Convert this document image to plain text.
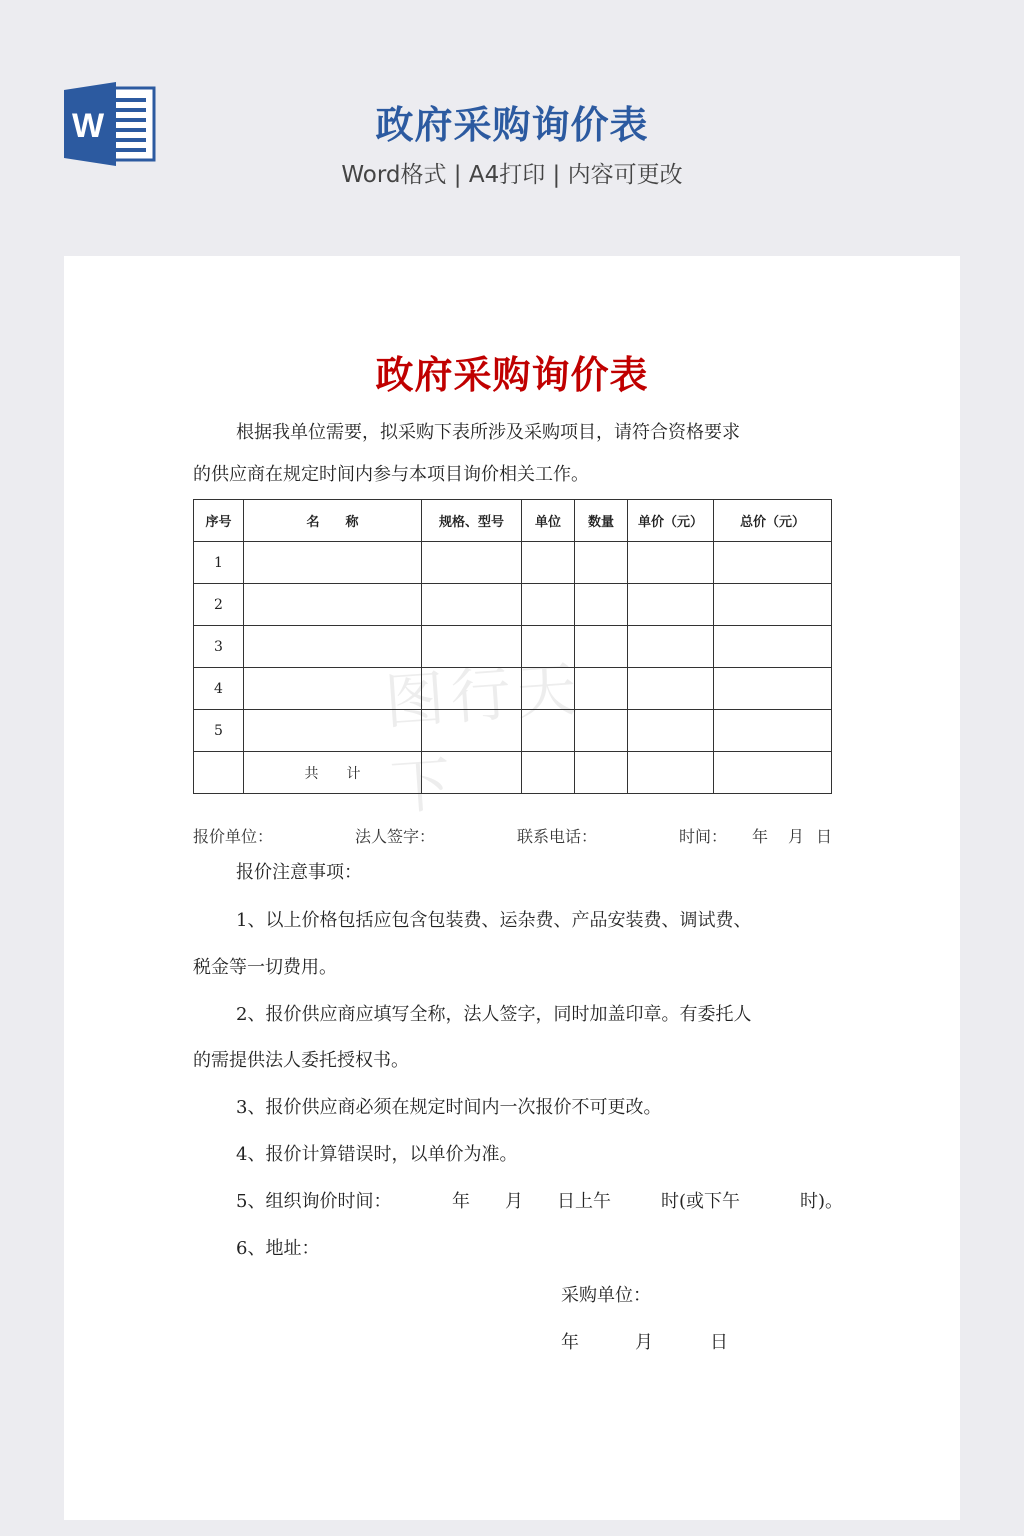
W	政府采购询价表
Word格式 | A4打印 | 内容可更改
图行天下
政府采购询价表
根据我单位需要，拟采购下表所涉及采购项目，请符合资格要求
的供应商在规定时间内参与本项目询价相关工作。
序号	名　　称	规格、型号	单位	数量	单价（元）	总价（元）
1						
2						
3						
4						
5						
	共　　计					
报价单位：	法人签字：	联系电话：	时间： 年 月 日
报价注意事项：
1、以上价格包括应包含包装费、运杂费、产品安装费、调试费、
税金等一切费用。
2、报价供应商应填写全称，法人签字，同时加盖印章。有委托人
的需提供法人委托授权书。
3、报价供应商必须在规定时间内一次报价不可更改。
4、报价计算错误时，以单价为准。
5、组织询价时间：	年 月 日上午	时(或下午	时)。
6、地址：
采购单位：
年	月	日
